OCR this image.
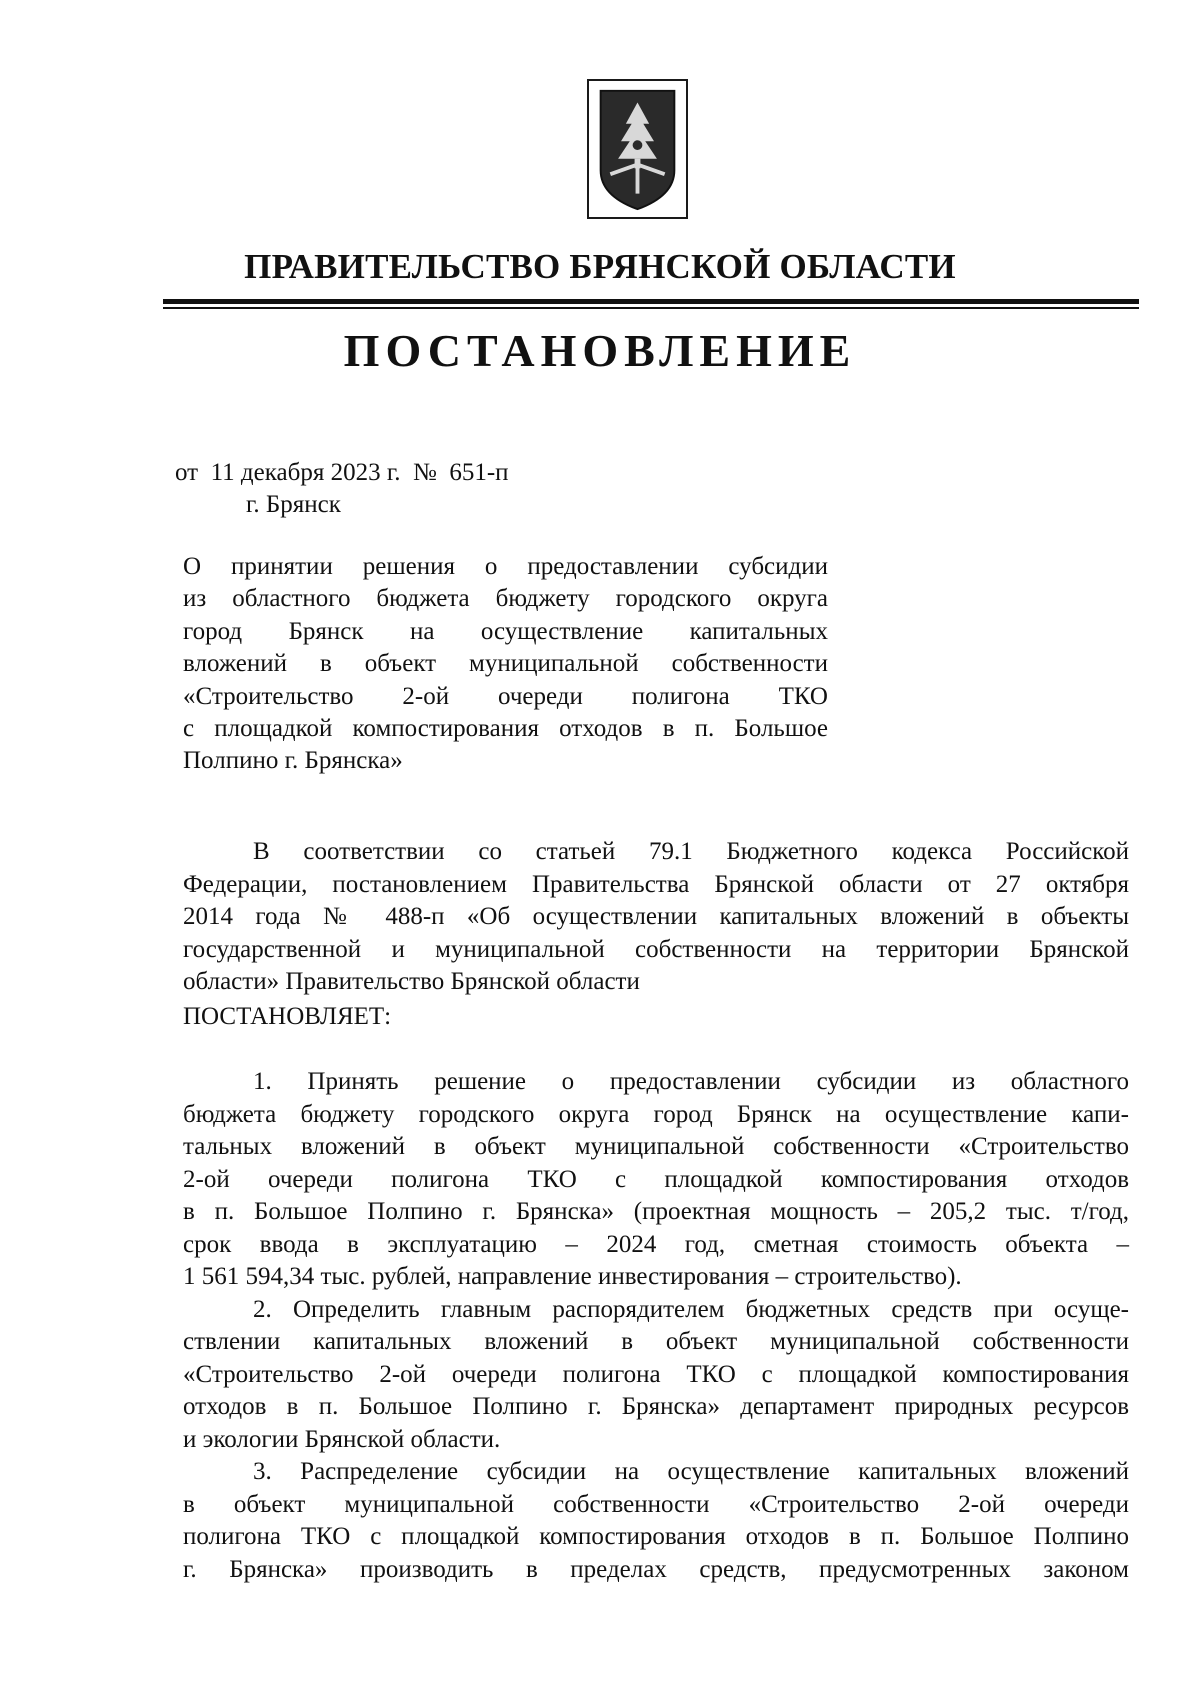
ПРАВИТЕЛЬСТВО БРЯНСКОЙ ОБЛАСТИ
ПОСТАНОВЛЕНИЕ
от  11 декабря 2023 г.  №  651-п
г. Брянск
О принятии решения о предоставлении субсидии
из областного бюджета бюджету городского округа
город Брянск на осуществление капитальных
вложений в объект муниципальной собственности
«Строительство 2-ой очереди полигона ТКО
с площадкой компостирования отходов в п. Большое
Полпино г. Брянска»
В соответствии со статьей 79.1 Бюджетного кодекса Российской
Федерации, постановлением Правительства Брянской области от 27 октября
2014 года № 488-п «Об осуществлении капитальных вложений в объекты
государственной и муниципальной собственности на территории Брянской
области» Правительство Брянской области
ПОСТАНОВЛЯЕТ:
1. Принять решение о предоставлении субсидии из областного
бюджета бюджету городского округа город Брянск на осуществление капи-
тальных вложений в объект муниципальной собственности «Строительство
2-ой очереди полигона ТКО с площадкой компостирования отходов
в п. Большое Полпино г. Брянска» (проектная мощность – 205,2 тыс. т/год,
срок ввода в эксплуатацию – 2024 год, сметная стоимость объекта –
1 561 594,34 тыс. рублей, направление инвестирования – строительство).
2. Определить главным распорядителем бюджетных средств при осуще-
ствлении капитальных вложений в объект муниципальной собственности
«Строительство 2-ой очереди полигона ТКО с площадкой компостирования
отходов в п. Большое Полпино г. Брянска» департамент природных ресурсов
и экологии Брянской области.
3. Распределение субсидии на осуществление капитальных вложений
в объект муниципальной собственности «Строительство 2-ой очереди
полигона ТКО с площадкой компостирования отходов в п. Большое Полпино
г. Брянска» производить в пределах средств, предусмотренных законом
